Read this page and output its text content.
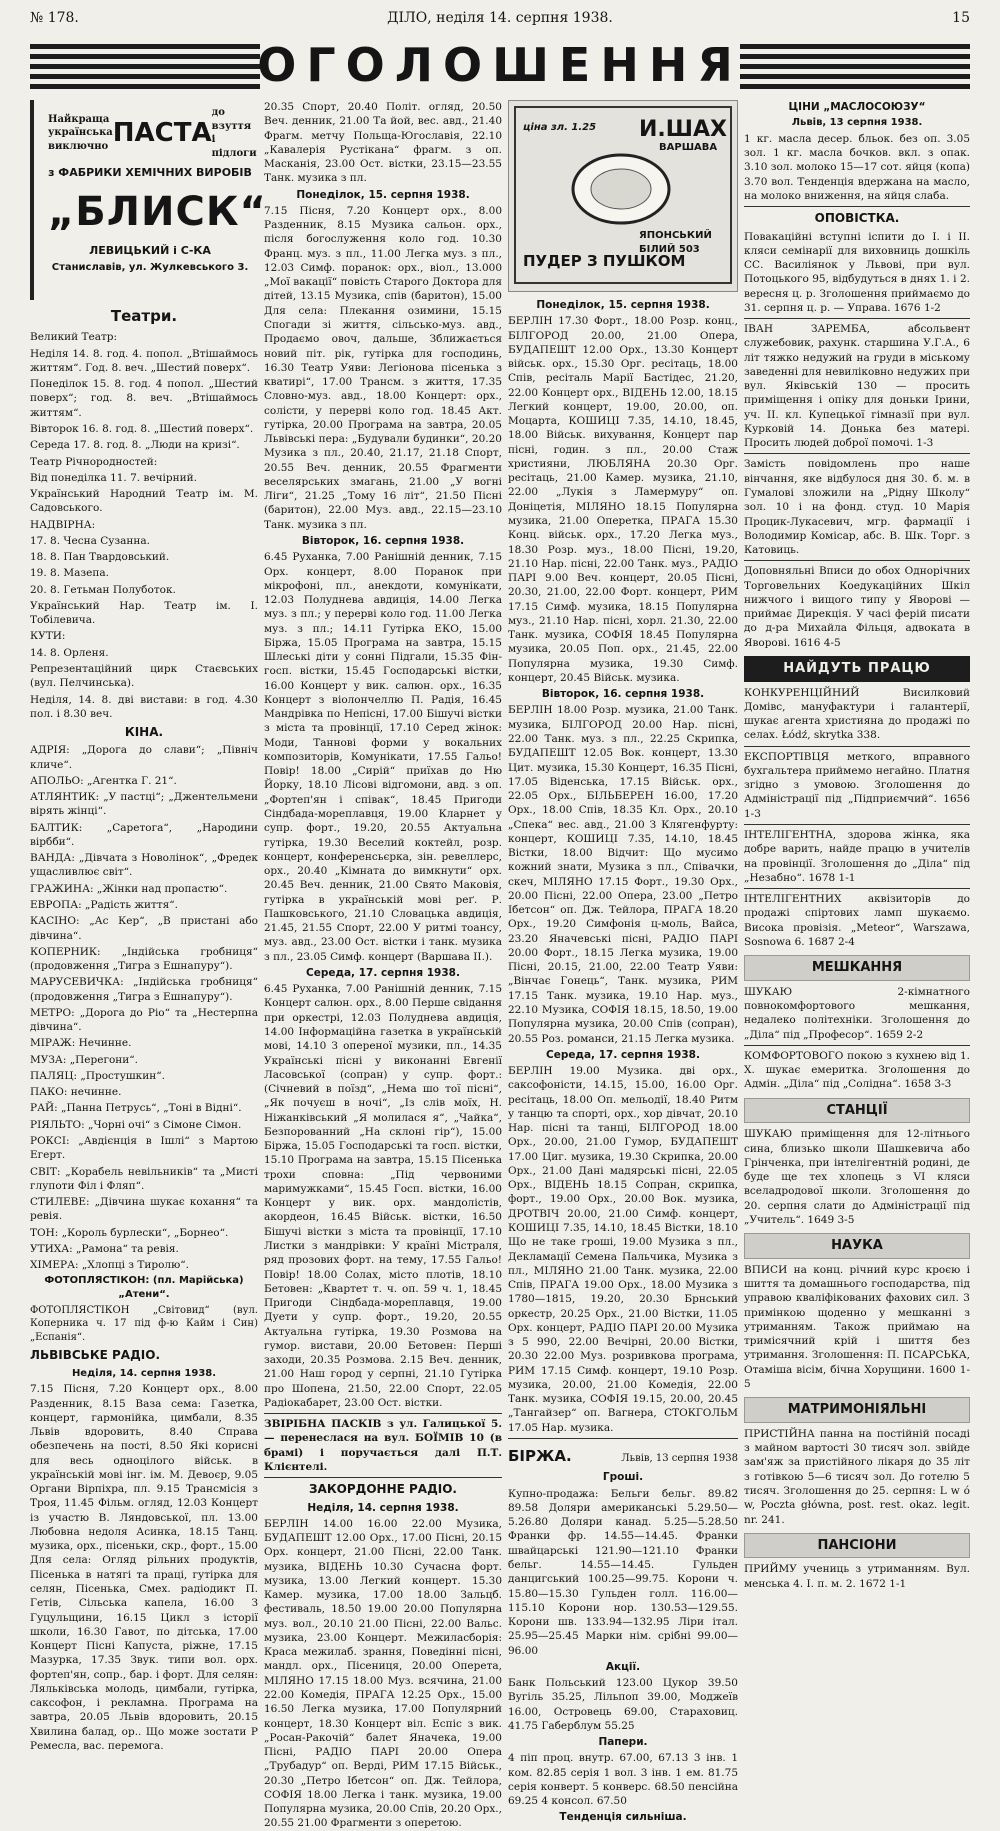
№ 178.	ДІЛО, неділя 14. серпня 1938.	15
ОГОЛОШЕННЯ
Найкраща українська виключно ПАСТА
до взуття і підлоги

з ФАБРИКИ ХЕМІЧНИХ ВИРОБІВ

„БЛИСК“

ЛЕВИЦЬКИЙ і С-КА

Станиславів, ул. Жулкевського 3.

Театри.

Великий Театр:

Неділя 14. 8. год. 4. попол. „Втішаймось життям“. Год. 8. веч. „Шестий поверх“.

Понеділок 15. 8. год. 4 попол. „Шестий поверх“; год. 8. веч. „Втішаймось життям“.

Вівторок 16. 8. год. 8. „Шестий поверх“.

Середа 17. 8. год. 8. „Люди на кризі“.

Театр Річнородностей:

Від понеділка 11. 7. вечірний.

Український Народний Театр ім. М. Садовського.

НАДВІРНА:

17. 8. Чесна Сузанна.

18. 8. Пан Твардовський.

19. 8. Мазепа.

20. 8. Гетьман Полуботок.

Український Нар. Театр ім. І. Тобілевича.

КУТИ:

14. 8. Орленя.

Репрезентаційний цирк Стаєвських (вул. Пелчинська).

Неділя, 14. 8. дві вистави: в год. 4.30 пол. і 8.30 веч.

КІНА.

АДРІЯ: „Дорога до слави“; „Північ кличе“.

АПОЛЬО: „Агентка Г. 21“.

АТЛЯНТИК: „У пастці“; „Джентельмени вірять жінці“.

БАЛТИК: „Саретога“, „Народини вірбби“.

ВАНДА: „Дівчата з Новолінок“, „Фредек ущасливлює світ“.

ГРАЖИНА: „Жінки над пропастю“.

ЕВРОПА: „Радість життя“.

КАСІНО: „Ас Кер“, „В пристані або дівчина“.

КОПЕРНИК: „Індійська гробниця“ (продовження „Тигра з Ешнапуру“).

МАРУСЕВИЧКА: „Індійська гробниця“ (продовження „Тигра з Ешнапуру“).

МЕТРО: „Дорога до Ріо“ та „Нестерпна дівчина“.

МІРАЖ: Нечинне.

МУЗА: „Перегони“.

ПАЛЯЦ: „Простушкин“.

ПАКО: нечинне.

РАЙ: „Панна Петрусь“, „Тоні в Відні“.

РІЯЛЬТО: „Чорні очі“ з Сімоне Сімон.

РОКСІ: „Авдієнція в Ішлі“ з Мартою Егерт.

СВІТ: „Корабель невільників“ та „Мисті глупоти Філ і Фляп“.

СТИЛЕВЕ: „Дівчина шукає кохання“ та ревія.

ТОН: „Король бурлески“, „Борнео“.

УТИХА: „Рамона“ та ревія.

ХІМЕРА: „Хлопці з Тиролю“.

ФОТОПЛЯСТІКОН: (пл. Марійська) „Атени“.

ФОТОПЛЯСТІКОН „Світовид“ (вул. Коперника ч. 17 під ф-ю Кайм і Син) „Еспанія“.

ЛЬВІВСЬКЕ РАДІО.

Неділя, 14. серпня 1938.

7.15 Пісня, 7.20 Концерт орх., 8.00 Разденник, 8.15 Ваза сема: Газетка, концерт, гармонійка, цимбали, 8.35 Львів вдоровить, 8.40 Справа обезпечень на пості, 8.50 Які корисні для весь одноцілого військ. в українській мові інг. ім. М. Девоєр, 9.05 Органи Вірпіхра, пл. 9.15 Трансмісія з Троя, 11.45 Фільм. огляд, 12.03 Концерт із участю В. Ляндовської, пл. 13.00 Любовна недоля Асинка, 18.15 Танц. музика, орх., пісеньки, скр., форт., 15.00 Для села: Огляд рільних продуктів, Пісенька в натягі та праці, гутірка для селян, Пісенька, Смех. радіодикт П. Гетів, Сільська капела, 16.00 З Гуцульщини, 16.15 Цикл з історії школи, 16.30 Гавот, по дітська, 17.00 Концерт Пісні Капуста, ріжне, 17.15 Мазурка, 17.35 Звук. типи вол. орх. фортеп'ян, сопр., бар. і форт. Для селян: Ляльківська молодь, цимбали, гутірка, саксофон, і рекламна. Програма на завтра, 20.05 Львів вдоровить, 20.15 Хвилина балад, ор.. Що може зостати Р Ремесла, вас. перемога.

20.35 Спорт, 20.40 Політ. огляд, 20.50 Веч. денник, 21.00 Та йой, вес. авд., 21.40 Фрагм. метчу Польща-Югославія, 22.10 „Кавалерія Рустікана“ фрагм. з оп. Масканія, 23.00 Ост. вістки, 23.15—23.55 Танк. музика з пл.

Понеділок, 15. серпня 1938.

7.15 Пісня, 7.20 Концерт орх., 8.00 Разденник, 8.15 Музика сальон. орх., після богослуження коло год. 10.30 Франц. муз. з пл., 11.00 Легка муз. з пл., 12.03 Симф. поранок: орх., віол., 13.000 „Мої вакації“ повість Старого Доктора для дітей, 13.15 Музика, спів (баритон), 15.00 Для села: Плекання озимини, 15.15 Спогади зі життя, сільсько-муз. авд., Продаємо овоч, дальше, Зближається новий піт. рік, гутірка для господинь, 16.30 Театр Уяви: Легіонова пісенька з кватирі“, 17.00 Трансм. з життя, 17.35 Словно-муз. авд., 18.00 Концерт: орх., солісти, у перерві коло год. 18.45 Акт. гутірка, 20.00 Програма на завтра, 20.05 Львівські пера: „Будували будинки“, 20.20 Музика з пл., 20.40, 21.17, 21.18 Спорт, 20.55 Веч. денник, 20.55 Фрагменти веселярських змагань, 21.00 „У вогні Ліги“, 21.25 „Тому 16 літ“, 21.50 Пісні (баритон), 22.00 Муз. авд., 22.15—23.10 Танк. музика з пл.

Вівторок, 16. серпня 1938.

6.45 Руханка, 7.00 Ранішній денник, 7.15 Орх. концерт, 8.00 Поранок при мікрофоні, пл., анекдоти, комунікати, 12.03 Полуднева авдиція, 14.00 Легка муз. з пл.; у перерві коло год. 11.00 Легка муз. з пл.; 14.11 Гутірка ЕКО, 15.00 Біржа, 15.05 Програма на завтра, 15.15 Шлеські діти у сонні Підгали, 15.35 Фін-госп. вістки, 15.45 Господарські вістки, 16.00 Концерт у вик. салюн. орх., 16.35 Концерт з віолончеллю П. Радія, 16.45 Мандрівка по Непісні, 17.00 Бішучі вістки з міста та провінції, 17.10 Серед жінок: Моди, Таннові форми у вокальних композиторів, Комунікати, 17.55 Гальо! Повір! 18.00 „Сирій“ приїхав до Ню Йорку, 18.10 Лісові відгомони, авд. з оп. „Фортеп'ян і співак“, 18.45 Пригоди Сіндбада-мореплавця, 19.00 Кларнет у супр. форт., 19.20, 20.55 Актуальна гутірка, 19.30 Веселий коктейл, розр. концерт, конференсьєрка, зін. ревеллерс, орх., 20.40 „Кімната до вимкнути“ орх. 20.45 Веч. денник, 21.00 Свято Маковія, гутірка в українській мові реґ. Р. Пашковського, 21.10 Словацька авдиція, 21.45, 21.55 Спорт, 22.00 У ритмі тоансу, муз. авд., 23.00 Ост. вістки і танк. музика з пл., 23.05 Симф. концерт (Варшава II.).

Середа, 17. серпня 1938.

6.45 Руханка, 7.00 Ранішній денник, 7.15 Концерт салюн. орх., 8.00 Перше свідання при оркестрі, 12.03 Полуднева авдиція, 14.00 Інформаційна газетка в українській мові, 14.10 З опереної музики, пл., 14.35 Українські пісні у виконанні Евгенії Ласовської (сопран) у супр. форт.: (Січневий в поїзд“, „Нема шо тої пісні“, „Як почуєш в ночі“, „Із слів моїх, Н. Ніжанківський „Я молилася я“, „Чайка“, Безпорованний „На склоні гір“), 15.00 Біржа, 15.05 Господарські та госп. вістки, 15.10 Програма на завтра, 15.15 Пісенька трохи сповна: „Під червоними маримужками“, 15.45 Госп. вістки, 16.00 Концерт у вик. орх. мандолістів, акордеон, 16.45 Військ. вістки, 16.50 Бішучі вістки з міста та провінції, 17.10 Листки з мандрівки: У країні Містраля, ряд прозових форт. на тему, 17.55 Гальо! Повір! 18.00 Солах, місто плотів, 18.10 Бетовен: „Квартет т. ч. оп. 59 ч. 1, 18.45 Пригоди Сіндбада-мореплавця, 19.00 Дуети у супр. форт., 19.20, 20.55 Актуальна гутірка, 19.30 Розмова на гумор. вистави, 20.00 Бетовен: Перші заходи, 20.35 Розмова. 2.15 Веч. денник, 21.00 Наш город у серпні, 21.10 Гутірка про Шопена, 21.50, 22.00 Спорт, 22.05 Радіокабарет, 23.00 Ост. вістки.

ЗВІРІБНА ПАСКІВ з ул. Галицької 5. — перенеслася на вул. БОЇМІВ 10 (в брамі) і поручається далі П.Т. Клієнтелі.

ЗАКОРДОННЕ РАДІО.

Неділя, 14. серпня 1938.

БЕРЛІН 14.00 16.00 22.00 Музика, БУДАПЕШТ 12.00 Орх., 17.00 Пісні, 20.15 Орх. концерт, 21.00 Пісні, 22.00 Танк. музика, ВІДЕНЬ 10.30 Сучасна форт. музика, 13.00 Легкий концерт. 15.30 Камер. музика, 17.00 18.00 Зальцб. фестиваль, 18.50 19.00 20.00 Популярна муз. вол., 20.10 21.00 Пісні, 22.00 Вальс. музика, 23.00 Концерт. Межиласборія: Краса межилаб. зрання, Поведінні пісні, мандл. орх., Пісениця, 20.00 Оперета, МІЛЯНО 17.15 18.00 Муз. всячина, 21.00 22.00 Комедія, ПРАГА 12.25 Орх., 15.00 16.50 Легка музика, 17.00 Популярний концерт, 18.30 Концерт віл. Еспіс з вик. „Росан-Ракочій“ балет Яначека, 19.00 Пісні, РАДІО ПАРІ 20.00 Опера „Трубадур“ оп. Верді, РИМ 17.15 Військ., 20.30 „Петро Ібетсон“ оп. Дж. Тейлора, СОФІЯ 18.00 Легка і танк. музика, 19.00 Популярна музика, 20.00 Спів, 20.20 Орх., 20.55 21.00 Фрагменти з оперетою.

И.ШАХ
ВАРШАВА
ПУДЕР З ПУШКОМ
ЯПОНСЬКИЙ БІЛИЙ 503
ціна зл. 1.25

Понеділок, 15. серпня 1938.

БЕРЛІН 17.30 Форт., 18.00 Розр. конц., БІЛГОРОД 20.00, 21.00 Опера, БУДАПЕШТ 12.00 Орх., 13.30 Концерт військ. орх., 15.30 Орг. ресітаць, 18.00 Спів, ресіталь Марії Бастідес, 21.20, 22.00 Концерт орх., ВІДЕНЬ 12.00, 18.15 Легкий концерт, 19.00, 20.00, оп. Моцарта, КОШИЦІ 7.35, 14.10, 18.45, 18.00 Військ. вихування, Концерт пар пісні, годин. з пл., 20.00 Стаж християни, ЛЮБЛЯНА 20.30 Орг. ресітаць, 21.00 Камер. музика, 21.10, 22.00 „Лукія з Ламермуру“ оп. Доніцетія, МІЛЯНО 18.15 Популярна музика, 21.00 Оперетка, ПРАГА 15.30 Конц. військ. орх., 17.20 Легка муз., 18.30 Розр. муз., 18.00 Пісні, 19.20, 21.10 Нар. пісні, 22.00 Танк. муз., РАДІО ПАРІ 9.00 Веч. концерт, 20.05 Пісні, 20.30, 21.00, 22.00 Форт. концерт, РИМ 17.15 Симф. музика, 18.15 Популярна муз., 21.10 Нар. пісні, хорл. 21.30, 22.00 Танк. музика, СОФІЯ 18.45 Популярна музика, 20.05 Поп. орх., 21.45, 22.00 Популярна музика, 19.30 Симф. концерт, 20.45 Військ. музика.

Вівторок, 16. серпня 1938.

БЕРЛІН 18.00 Розр. музика, 21.00 Танк. музика, БІЛГОРОД 20.00 Нар. пісні, 22.00 Танк. муз. з пл., 22.25 Скрипка, БУДАПЕШТ 12.05 Вок. концерт, 13.30 Цит. музика, 15.30 Концерт, 16.35 Пісні, 17.05 Віденська, 17.15 Військ. орх., 22.05 Орх., БІЛЬБЕРЕН 16.00, 17.20 Орх., 18.00 Спів, 18.35 Кл. Орх., 20.10 „Спека“ вес. авд., 21.00 З Клягенфурту: концерт, КОШИЦІ 7.35, 14.10, 18.45 Вістки, 18.00 Відчит: Що мусимо кожний знати, Музика з пл., Співачки, скеч, МІЛЯНО 17.15 Форт., 19.30 Орх., 20.00 Пісні, 22.00 Опера, 23.00 „Петро Ібетсон“ оп. Дж. Тейлора, ПРАГА 18.20 Орх., 19.20 Симфонія ц-моль, Вайса, 23.20 Яначевські пісні, РАДІО ПАРІ 20.00 Форт., 18.15 Легка музика, 19.00 Пісні, 20.15, 21.00, 22.00 Театр Уяви: „Вінчає Гонець“, Танк. музика, РИМ 17.15 Танк. музика, 19.10 Нар. муз., 22.10 Музика, СОФІЯ 18.15, 18.50, 19.00 Популярна музика, 20.00 Спів (сопран), 20.55 Роз. романси, 21.15 Легка музика.

Середа, 17. серпня 1938.

БЕРЛІН 19.00 Музика. дві орх., саксофоністи, 14.15, 15.00, 16.00 Орг. ресітаць, 18.00 Оп. мельодії, 18.40 Ритм у танцю та спорті, орх., хор дівчат, 20.10 Нар. пісні та танці, БІЛГОРОД 18.00 Орх., 20.00, 21.00 Гумор, БУДАПЕШТ 17.00 Циг. музика, 19.30 Скрипка, 20.00 Орх., 21.00 Дані мадярські пісні, 22.05 Орх., ВІДЕНЬ 18.15 Сопран, скрипка, форт., 19.00 Орх., 20.00 Вок. музика, ДРОТВІЧ 20.00, 21.00 Симф. концерт, КОШИЦІ 7.35, 14.10, 18.45 Вістки, 18.10 Що не таке гроші, 19.00 Музика з пл., Декламації Семена Пальчика, Музика з пл., МІЛЯНО 21.00 Танк. музика, 22.00 Спів, ПРАГА 19.00 Орх., 18.00 Музика з 1780—1815, 19.20, 20.30 Брнський оркестр, 20.25 Орх., 21.00 Вістки, 11.05 Орх. концерт, РАДІО ПАРІ 20.00 Музика з 5 990, 22.00 Вечірні, 20.00 Вістки, 20.30 22.00 Муз. розривкова програма, РИМ 17.15 Симф. концерт, 19.10 Розр. музика, 20.00, 21.00 Комедія, 22.00 Танк. музика, СОФІЯ 19.15, 20.00, 20.45 „Тангайзер“ оп. Вагнера, СТОКГОЛЬМ 17.05 Нар. музика.

БІРЖА.	Львів, 13 серпня 1938

Гроші.

Купно-продажа: Бельги бельг. 89.82 89.58 Доляри американські 5.29.50—5.26.80 Доляри канад. 5.25—5.28.50 Франки фр. 14.55—14.45. Франки швайцарські 121.90—121.10 Франки бельг. 14.55—14.45. Гульден данцигський 100.25—99.75. Корони ч. 15.80—15.30 Гульден голл. 116.00—115.10 Корони нор. 130.53—129.55. Корони шв. 133.94—132.95 Ліри італ. 25.95—25.45 Марки нім. срібні 99.00—96.00

Акції.

Банк Польський 123.00 Цукор 39.50 Вугіль 35.25, Лільпоп 39.00, Моджеїв 16.00, Островець 69.00, Стараховиц. 41.75 Габерблум 55.25

Папери.

4 піп проц. внутр. 67.00, 67.13 3 інв. 1 ком. 82.85 серія 1 вол. 3 інв. 1 ем. 81.75 серія конверт. 5 конверс. 68.50 пенсійна 69.25 4 консол. 67.50

Тенденція сильніша.

ЦІНИ „МАСЛОСОЮЗУ“

Львів, 13 серпня 1938.

1 кг. масла десер. бльок. без оп. 3.05 зол. 1 кг. масла бочков. вкл. з опак. 3.10 зол. молоко 15—17 сот. яйця (копа) 3.70 вол. Тенденція вдержана на масло, на молоко вниження, на яйця слаба.

ОПОВІСТКА.

Повакаційні вступні іспити до І. і ІІ. кляси семінарії для виховниць дошкіль СС. Василіянок у Львові, при вул. Потоцького 95, відбудуться в днях 1. і 2. вересня ц. р. Зголошення приймаємо до 31. серпня ц. р. — Управа. 1676 1-2

ІВАН ЗАРЕМБА, абсольвент служебовик, рахунк. старшина У.Г.А., 6 літ тяжко недужий на груди в міському заведенні для невиліковно недужих при вул. Яківській 130 — просить приміщення і опіку для доньки Ірини, уч. ІІ. кл. Купецької гімназії при вул. Курковій 14. Донька без матері. Просить людей доброї помочі. 1-3

Замість повідомлень про наше вінчання, яке відбулося дня 30. б. м. в Гумалові зложили на „Рідну Школу“ зол. 10 і на фонд. студ. 10 Марія Процик-Лукасевич, мгр. фармації і Володимир Комісар, абс. В. Шк. Торг. з Катовиць.

Доповняльні Вписи до обох Однорічних Торговельних Коедукаційних Шкіл нижчого і вищого типу у Яворові — приймає Дирекція. У часі ферій писати до д-ра Михайла Фільця, адвоката в Яворові. 1616 4-5

НАЙДУТЬ ПРАЦЮ

КОНКУРЕНЦІЙНИЙ Висилковий Домівс, мануфактури і галантерії, шукає агента християна до продажі по селах. Łódź, skrytka 338.

ЕКСПОРТІВЦЯ меткого, вправного бухгальтера приймемо негайно. Платня згідно з умовою. Зголошення до Адміністрації під „Підприємчий“. 1656 1-3

ІНТЕЛІГЕНТНА, здорова жінка, яка добре варить, найде працю в учителів на провінції. Зголошення до „Діла“ під „Незабно“. 1678 1-1

ІНТЕЛІГЕНТНИХ аквізиторів до продажі спіртових ламп шукаємо. Висока провізія. „Meteor“, Warszawa, Sosnowa 6. 1687 2-4

МЕШКАННЯ

ШУКАЮ 2-кімнатного повнокомфортового мешкання, недалеко політехніки. Зголошення до „Діла“ під „Професор“. 1659 2-2

КОМФОРТОВОГО покою з кухнею від 1. X. шукає емеритка. Зголошення до Адмін. „Діла“ під „Солідна“. 1658 3-3

СТАНЦІЇ

ШУКАЮ приміщення для 12-літнього сина, близько школи Шашкевича або Грінченка, при інтелігентній родині, де буде ще тех хлопець з VI кляси вселадродової школи. Зголошення до 20. серпня слати до Адміністрації під „Учитель“. 1649 3-5

НАУКА

ВПИСИ на конц. річний курс кроєю і шиття та домашнього господарства, під управою кваліфікованих фахових сил. 3 примінкою щоденно у мешканні з утриманням. Також приймаю на тримісячний крій і шиття без утримання. Зголошення: П. ПСАРСЬКА, Отаміша вісім, бічна Хорущини. 1600 1-5

МАТРИМОНІЯЛЬНІ

ПРИСТІЙНА панна на постійній посаді з майном вартості 30 тисяч зол. звійде зам'яж за пристійного лікаря до 35 літ з готівкою 5—6 тисяч зол. До готелю 5 тисяч. Зголошення до 25. серпня: L w ó w, Poczta główna, post. rest. okaz. legit. nr. 241.

ПАНСІОНИ

ПРИЙМУ учениць з утриманням. Вул. менська 4. І. п. м. 2. 1672 1-1
